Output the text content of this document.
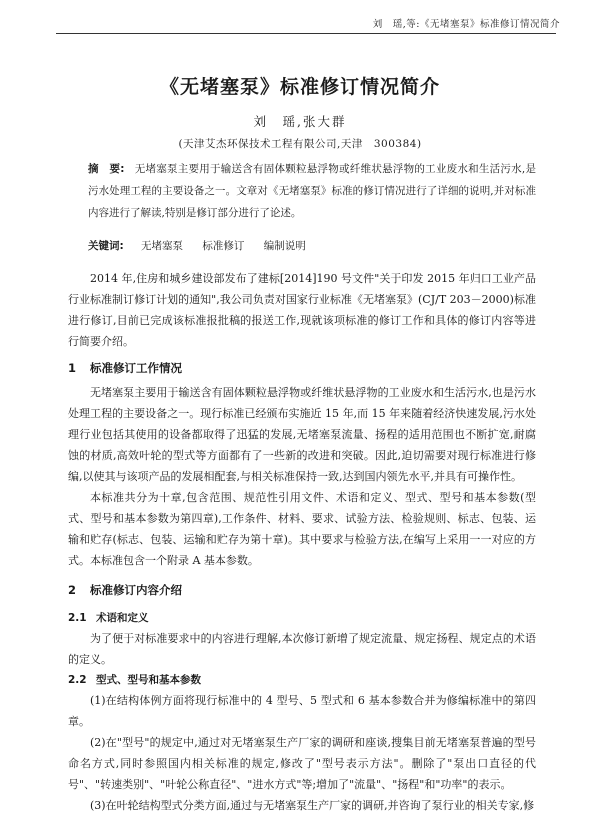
刘　瑶,等:《无堵塞泵》标准修订情况简介
《无堵塞泵》标准修订情况简介
刘　瑶,张大群
(天津艾杰环保技术工程有限公司,天津　300384)
摘　要: 无堵塞泵主要用于输送含有固体颗粒悬浮物或纤维状悬浮物的工业废水和生活污水,是污水处理工程的主要设备之一。文章对《无堵塞泵》标准的修订情况进行了详细的说明,并对标准内容进行了解读,特别是修订部分进行了论述。
关键词: 无堵塞泵 标准修订 编制说明

2014 年,住房和城乡建设部发布了建标[2014]190 号文件"关于印发 2015 年归口工业产品行业标准制订修订计划的通知",我公司负责对国家行业标准《无堵塞泵》(CJ/T 203－2000)标准进行修订,目前已完成该标准报批稿的报送工作,现就该项标准的修订工作和具体的修订内容等进行简要介绍。

1 标准修订工作情况

无堵塞泵主要用于输送含有固体颗粒悬浮物或纤维状悬浮物的工业废水和生活污水,也是污水处理工程的主要设备之一。现行标准已经颁布实施近 15 年,而 15 年来随着经济快速发展,污水处理行业包括其使用的设备都取得了迅猛的发展,无堵塞泵流量、扬程的适用范围也不断扩宽,耐腐蚀的材质,高效叶轮的型式等方面都有了一些新的改进和突破。因此,迫切需要对现行标准进行修编,以使其与该项产品的发展相配套,与相关标准保持一致,达到国内领先水平,并具有可操作性。

本标准共分为十章,包含范围、规范性引用文件、术语和定义、型式、型号和基本参数(型式、型号和基本参数为第四章),工作条件、材料、要求、试验方法、检验规则、标志、包装、运输和贮存(标志、包装、运输和贮存为第十章)。其中要求与检验方法,在编写上采用一一对应的方式。本标准包含一个附录 A 基本参数。

2 标准修订内容介绍
2.1 术语和定义

为了便于对标准要求中的内容进行理解,本次修订新增了规定流量、规定扬程、规定点的术语的定义。

2.2 型式、型号和基本参数

(1)在结构体例方面将现行标准中的 4 型号、5 型式和 6 基本参数合并为修编标准中的第四章。

(2)在"型号"的规定中,通过对无堵塞泵生产厂家的调研和座谈,搜集目前无堵塞泵普遍的型号命名方式,同时参照国内相关标准的规定,修改了"型号表示方法"。删除了"泵出口直径的代号"、"转速类别"、"叶轮公称直径"、"进水方式"等;增加了"流量"、"扬程"和"功率"的表示。

(3)在叶轮结构型式分类方面,通过与无堵塞泵生产厂家的调研,并咨询了泵行业的相关专家,修
